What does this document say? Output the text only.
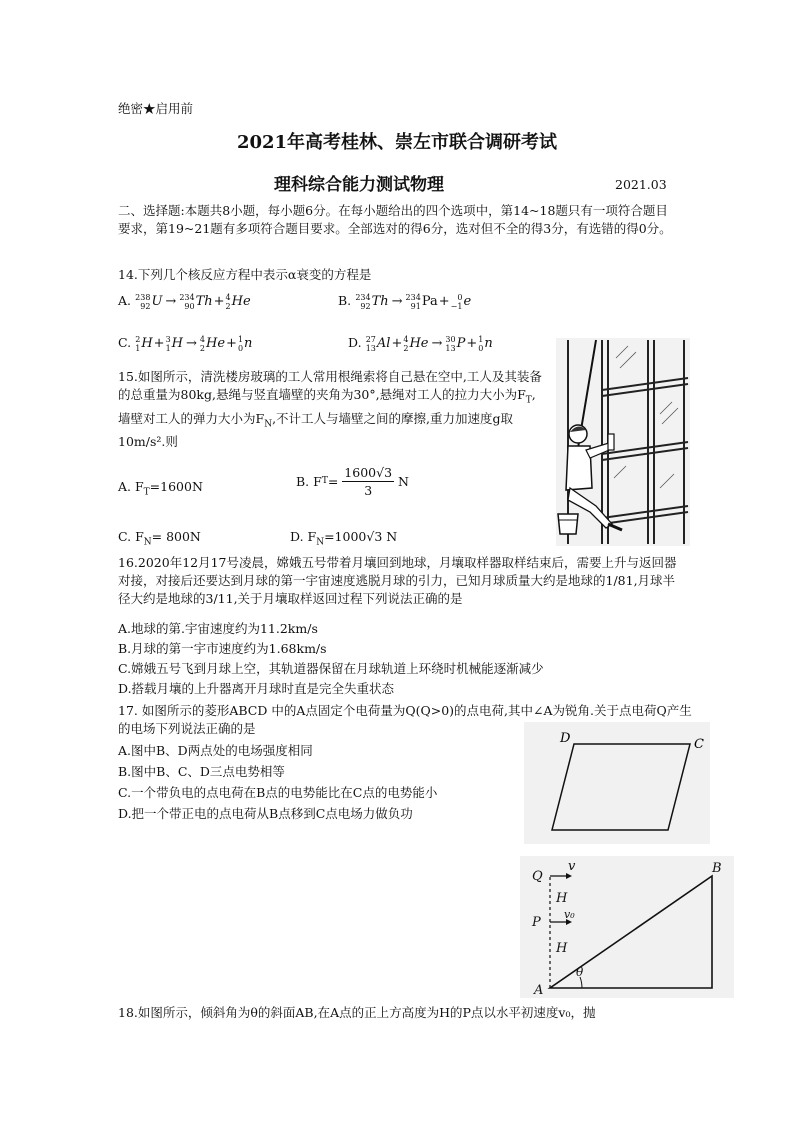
绝密★启用前
2021年高考桂林、崇左市联合调研考试
理科综合能力测试物理	2021.03
二、选择题:本题共8小题，每小题6分。在每小题给出的四个选项中，第14~18题只有一项符合题目要求，第19~21题有多项符合题目要求。全部选对的得6分，选对但不全的得3分，有选错的得0分。
14.下列几个核反应方程中表示α衰变的方程是
A. 238
92 U → 234
90 Th+ 4
2 He	B. 234
92 Th → 234
91 Pa+ 0
−1 e
C. 2
1 H+ 3
1 H → 4
2 He+ 1
0 n	D. 27
13 Al+ 4
2 He → 30
13 P+ 1
0 n
15.如图所示，清洗楼房玻璃的工人常用根绳索将自己悬在空中,工人及其装备的总重量为80kg,悬绳与竖直墙壁的夹角为30°,悬绳对工人的拉力大小为$F_T$,墙壁对工人的弹力大小为$F_N$,不计工人与墙壁之间的摩擦,重力加速度g取10m/s².则
A. $F_T=1600N$	B. $FT= \frac{1600√3}{3}$ N
C. $F_N= 800N$	D. $F_N=1000√3$ N
16.2020年12月17号凌晨，嫦娥五号带着月壤回到地球，月壤取样器取样结束后，需要上升与返回器对接，对接后还要达到月球的第一宇宙速度逃脱月球的引力，已知月球质量大约是地球的1/81,月球半径大约是地球的3/11,关于月壤取样返回过程下列说法正确的是
A.地球的第.宇宙速度约为11.2km/s
B.月球的第一宇市速度约为1.68km/s
C.嫦娥五号飞到月球上空，其轨道器保留在月球轨道上环绕时机械能逐渐减少
D.搭载月壤的上升器离开月球时直是完全失重状态
17. 如图所示的菱形ABCD 中的A点固定个电荷量为Q(Q>0)的点电荷,其中∠A为锐角.关于点电荷Q产生的电场下列说法正确的是
A.图中B、D两点处的电场强度相同
B.图中B、C、D三点电势相等
C.一个带负电的点电荷在B点的电势能比在C点的电势能小
D.把一个带正电的点电荷从B点移到C点电场力做负功
D	C
Q
v
H
v₀
P
H
A
B
θ
18.如图所示，倾斜角为θ的斜面AB,在A点的正上方高度为H的P点以水平初速度v₀，抛
